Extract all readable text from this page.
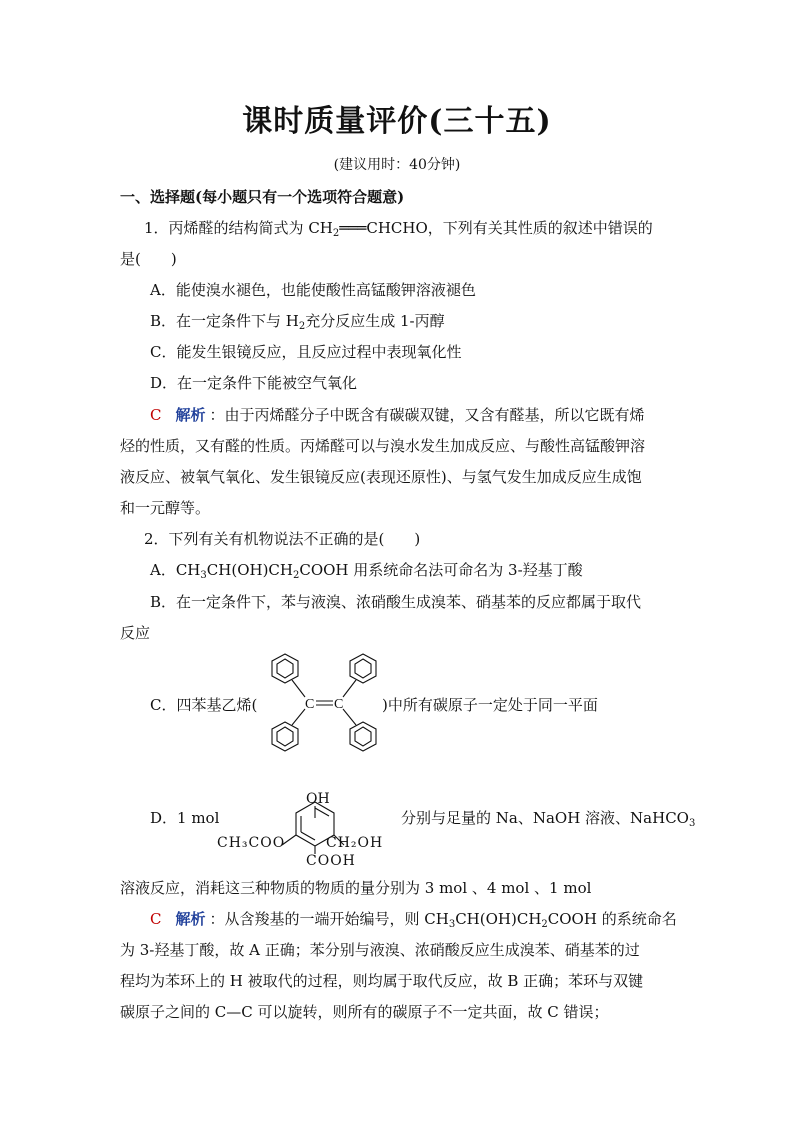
课时质量评价(三十五)
(建议用时：40分钟)
一、选择题(每小题只有一个选项符合题意)
1．丙烯醛的结构简式为 $CH_2═══CHCHO$，下列有关其性质的叙述中错误的
是(　　)
A．能使溴水褪色，也能使酸性高锰酸钾溶液褪色
B．在一定条件下与 $H_2$充分反应生成 1-丙醇
C．能发生银镜反应，且反应过程中表现氧化性
D．在一定条件下能被空气氧化
C 解析 ：由于丙烯醛分子中既含有碳碳双键，又含有醛基，所以它既有烯
烃的性质，又有醛的性质。丙烯醛可以与溴水发生加成反应、与酸性高锰酸钾溶
液反应、被氧气氧化、发生银镜反应(表现还原性)、与氢气发生加成反应生成饱
和一元醇等。
2．下列有关有机物说法不正确的是(　　)
A．$CH_3CH(OH)CH_2COOH$ 用系统命名法可命名为 3-羟基丁酸
B．在一定条件下，苯与液溴、浓硝酸生成溴苯、硝基苯的反应都属于取代
反应
C．四苯基乙烯(	)中所有碳原子一定处于同一平面
C C
D．1 mol
OH
CH₃COO	CH₂OH
COOH
分别与足量的 Na、NaOH 溶液、NaHCO$_3$
溶液反应，消耗这三种物质的物质的量分别为 3 mol 、4 mol 、1 mol
C 解析 ：从含羧基的一端开始编号，则 $CH_3CH(OH)CH_2COOH$ 的系统命名
为 3-羟基丁酸，故 A 正确；苯分别与液溴、浓硝酸反应生成溴苯、硝基苯的过
程均为苯环上的 H 被取代的过程，则均属于取代反应，故 B 正确；苯环与双键
碳原子之间的 C—C 可以旋转，则所有的碳原子不一定共面，故 C 错误；
